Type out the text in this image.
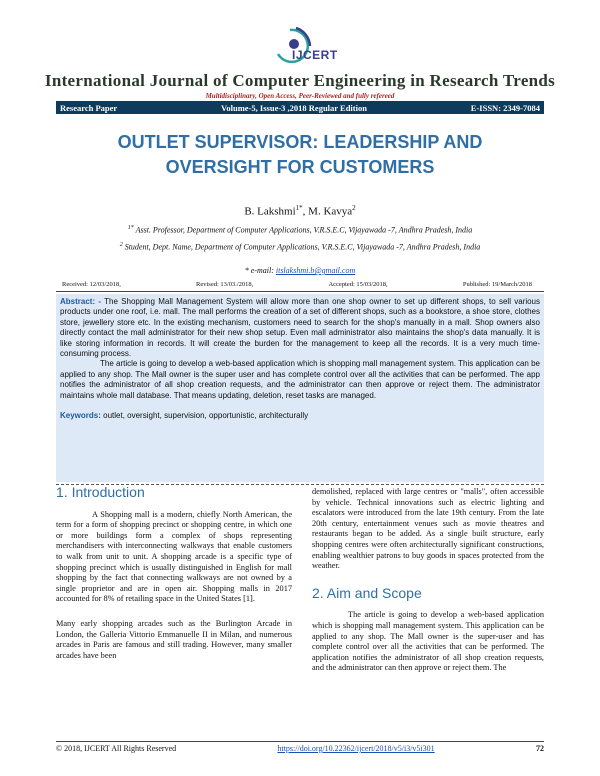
IJCERT
International Journal of Computer Engineering in Research Trends
Multidisciplinary, Open Access, Peer-Reviewed and fully refereed
Research Paper	Volume-5, Issue-3 ,2018 Regular Edition	E-ISSN: 2349-7084
OUTLET SUPERVISOR: LEADERSHIP AND
OVERSIGHT FOR CUSTOMERS
B. Lakshmi$^{1*}$, M. Kavya$^2$
$^{1*}$ Asst. Professor, Department of Computer Applications, V.R.S.E.C, Vijayawada -7, Andhra Pradesh, India
$^2$ Student, Dept. Name, Department of Computer Applications, V.R.S.E.C, Vijayawada -7, Andhra Pradesh, India
* e-mail: itslakshmi.b@gmail.com
Received: 12/03/2018,	Revised: 13/03./2018,	Accepted: 15/03/2018,	Published: 19/March/2018

Abstract: - The Shopping Mall Management System will allow more than one shop owner to set up different shops, to sell various products under one roof, i.e. mall. The mall performs the creation of a set of different shops, such as a bookstore, a shoe store, clothes store, jewellery store etc. In the existing mechanism, customers need to search for the shop's manually in a mall. Shop owners also directly contact the mall administrator for their new shop setup. Even mall administrator also maintains the shop's data manually. It is like storing information in records. It will create the burden for the management to keep all the records. It is a very much time-consuming process.

The article is going to develop a web-based application which is shopping mall management system. This application can be applied to any shop. The Mall owner is the super user and has complete control over all the activities that can be performed. The app notifies the administrator of all shop creation requests, and the administrator can then approve or reject them. The administrator maintains whole mall database. That means updating, deletion, reset tasks are managed.

Keywords: outlet, oversight, supervision, opportunistic, architecturally

1. Introduction

A Shopping mall is a modern, chiefly North American, the term for a form of shopping precinct or shopping centre, in which one or more buildings form a complex of shops representing merchandisers with interconnecting walkways that enable customers to walk from unit to unit. A shopping arcade is a specific type of shopping precinct which is usually distinguished in English for mall shopping by the fact that connecting walkways are not owned by a single proprietor and are in open air. Shopping malls in 2017 accounted for 8% of retailing space in the United States [1].

Many early shopping arcades such as the Burlington Arcade in London, the Galleria Vittorio Emmanuelle II in Milan, and numerous arcades in Paris are famous and still trading. However, many smaller arcades have been

demolished, replaced with large centres or "malls", often accessible by vehicle. Technical innovations such as electric lighting and escalators were introduced from the late 19th century. From the late 20th century, entertainment venues such as movie theatres and restaurants began to be added. As a single built structure, early shopping centres were often architecturally significant constructions, enabling wealthier patrons to buy goods in spaces protected from the weather.

2. Aim and Scope

The article is going to develop a web-based application which is shopping mall management system. This application can be applied to any shop. The Mall owner is the super-user and has complete control over all the activities that can be performed. The application notifies the administrator of all shop creation requests, and the administrator can then approve or reject them. The

© 2018, IJCERT All Rights Reserved	https://doi.org/10.22362/ijcert/2018/v5/i3/v5i301	72
